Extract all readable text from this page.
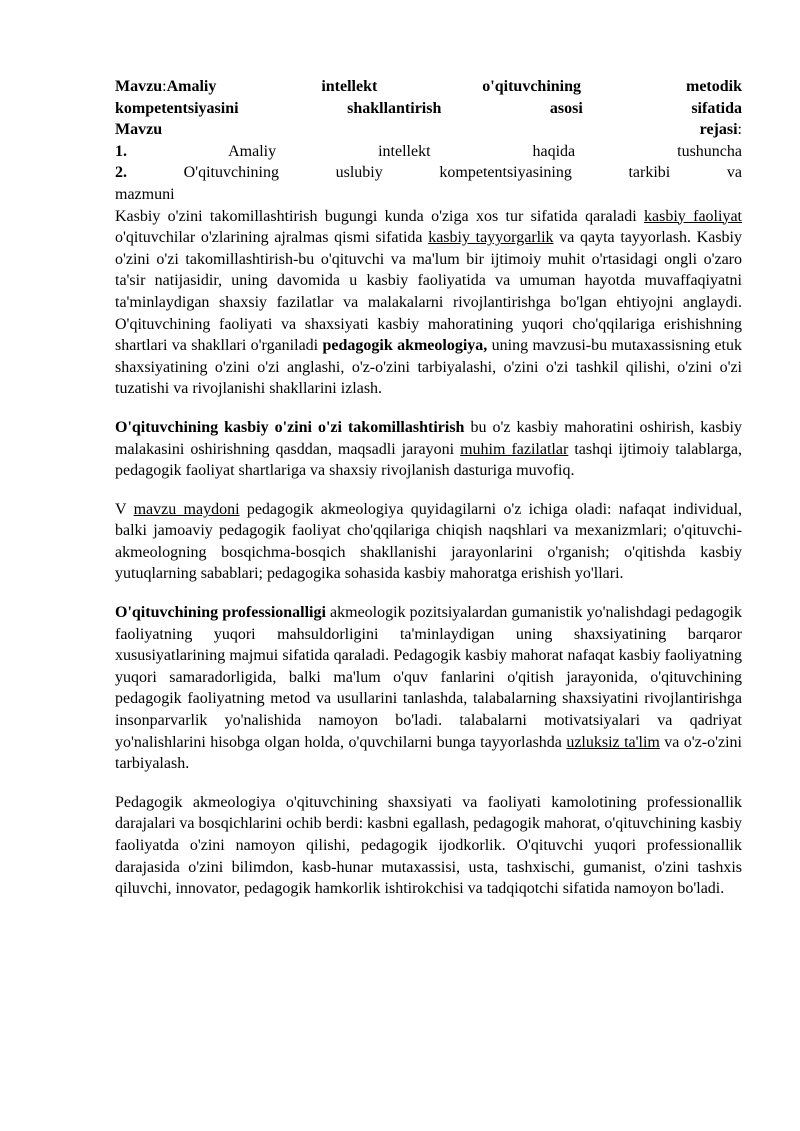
Mavzu:Amaliy intellekt o'qituvchining metodik
kompetentsiyasini shakllantirish asosi sifatida
Mavzu	rejasi:
1.	Amaliy intellekt haqida tushuncha
2.	O'qituvchining uslubiy kompetentsiyasining tarkibi va
mazmuni

Kasbiy o'zini takomillashtirish bugungi kunda o'ziga xos tur sifatida qaraladi kasbiy faoliyat o'qituvchilar o'zlarining ajralmas qismi sifatida kasbiy tayyorgarlik va qayta tayyorlash. Kasbiy o'zini o'zi takomillashtirish-bu o'qituvchi va ma'lum bir ijtimoiy muhit o'rtasidagi ongli o'zaro ta'sir natijasidir, uning davomida u kasbiy faoliyatida va umuman hayotda muvaffaqiyatni ta'minlaydigan shaxsiy fazilatlar va malakalarni rivojlantirishga bo'lgan ehtiyojni anglaydi. O'qituvchining faoliyati va shaxsiyati kasbiy mahoratining yuqori cho'qqilariga erishishning shartlari va shakllari o'rganiladi pedagogik akmeologiya, uning mavzusi-bu mutaxassisning etuk shaxsiyatining o'zini o'zi anglashi, o'z-o'zini tarbiyalashi, o'zini o'zi tashkil qilishi, o'zini o'zi tuzatishi va rivojlanishi shakllarini izlash.

O'qituvchining kasbiy o'zini o'zi takomillashtirish bu o'z kasbiy mahoratini oshirish, kasbiy malakasini oshirishning qasddan, maqsadli jarayoni muhim fazilatlar tashqi ijtimoiy talablarga, pedagogik faoliyat shartlariga va shaxsiy rivojlanish dasturiga muvofiq.

V mavzu maydoni pedagogik akmeologiya quyidagilarni o'z ichiga oladi: nafaqat individual, balki jamoaviy pedagogik faoliyat cho'qqilariga chiqish naqshlari va mexanizmlari; o'qituvchi-akmeologning bosqichma-bosqich shakllanishi jarayonlarini o'rganish; o'qitishda kasbiy yutuqlarning sabablari; pedagogika sohasida kasbiy mahoratga erishish yo'llari.

O'qituvchining professionalligi akmeologik pozitsiyalardan gumanistik yo'nalishdagi pedagogik faoliyatning yuqori mahsuldorligini ta'minlaydigan uning shaxsiyatining barqaror xususiyatlarining majmui sifatida qaraladi. Pedagogik kasbiy mahorat nafaqat kasbiy faoliyatning yuqori samaradorligida, balki ma'lum o'quv fanlarini o'qitish jarayonida, o'qituvchining pedagogik faoliyatning metod va usullarini tanlashda, talabalarning shaxsiyatini rivojlantirishga insonparvarlik yo'nalishida namoyon bo'ladi. talabalarni motivatsiyalari va qadriyat yo'nalishlarini hisobga olgan holda, o'quvchilarni bunga tayyorlashda uzluksiz ta'lim va o'z-o'zini tarbiyalash.

Pedagogik akmeologiya o'qituvchining shaxsiyati va faoliyati kamolotining professionallik darajalari va bosqichlarini ochib berdi: kasbni egallash, pedagogik mahorat, o'qituvchining kasbiy faoliyatda o'zini namoyon qilishi, pedagogik ijodkorlik. O'qituvchi yuqori professionallik darajasida o'zini bilimdon, kasb-hunar mutaxassisi, usta, tashxischi, gumanist, o'zini tashxis qiluvchi, innovator, pedagogik hamkorlik ishtirokchisi va tadqiqotchi sifatida namoyon bo'ladi.
